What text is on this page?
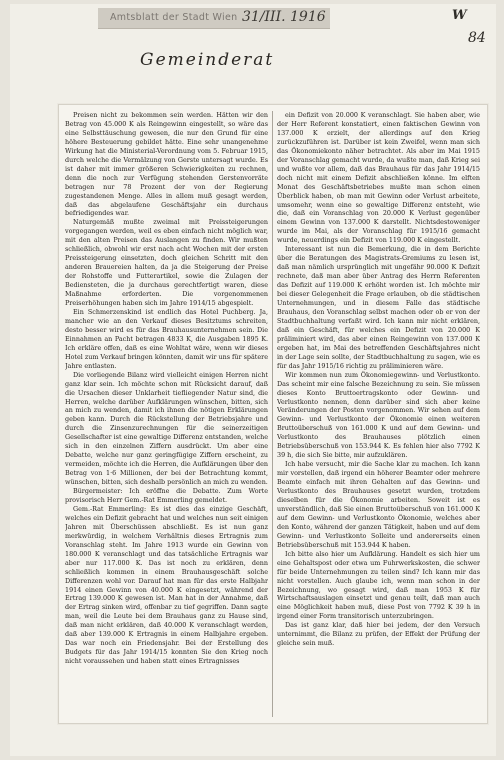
Amtsblatt der Stadt Wien 31/III. 1916	W
84
Gemeinderat

Preisen nicht zu bekommen sein werden. Hätten wir den Betrag von 45.000 K als Reingewinn eingestellt, so wäre das eine Selbsttäuschung gewesen, die nur den Grund für eine höhere Besteuerung gebildet hätte. Eine sehr unangenehme Wirkung hat die Ministerial-Verordnung vom 5. Februar 1915, durch welche die Vermälzung von Gerste untersagt wurde. Es ist daher mit immer größeren Schwierigkeiten zu rechnen, denn die noch zur Verfügung stehenden Gerstenvorräte betragen nur 78 Prozent der von der Regierung zugestandenen Menge. Alles in allem muß gesagt werden, daß das abgelaufene Geschäftsjahr ein durchaus befriedigendes war.

Naturgemäß mußte zweimal mit Preissteigerungen vorgegangen werden, weil es eben einfach nicht möglich war, mit den alten Preisen das Auslangen zu finden. Wir mußten schließlich, obwohl wir erst nach acht Wochen mit der ersten Preissteigerung einsetzten, doch gleichen Schritt mit den anderen Brauereien halten, da ja die Steigerung der Preise der Rohstoffe und Futterartikel, sowie die Zulagen der Bediensteten, die ja durchaus gerechtfertigt waren, diese Maßnahme erforderten. Die vorgenommenen Preiserhöhungen haben sich im Jahre 1914/15 abgespielt.

Ein Schmerzenskind ist endlich das Hotel Puchberg. Ja, mancher wie an den Verkauf dieses Besitztums schreiten, desto besser wird es für das Brauhausunternehmen sein. Die Einnahmen an Pacht betragen 4833 K, die Ausgaben 1895 K. Ich erkläre offen, daß es eine Wohltat wäre, wenn wir dieses Hotel zum Verkauf bringen könnten, damit wir uns für spätere Jahre entlasten.

Die vorliegende Bilanz wird vielleicht einigen Herren nicht ganz klar sein. Ich möchte schon mit Rücksicht darauf, daß die Ursachen dieser Unklarheit tiefliegender Natur sind, die Herren, welche darüber Aufklärungen wünschen, bitten, sich an mich zu wenden, damit ich ihnen die nötigen Erklärungen geben kann. Durch die Rückstellung der Betriebsjahre und durch die Zinsenzurechnungen für die seinerzeitigen Gesellschafter ist eine gewaltige Differenz entstanden, welche sich in den einzelnen Ziffern ausdrückt. Um aber eine Debatte, welche nur ganz geringfügige Ziffern erscheint, zu vermeiden, möchte ich die Herren, die Aufklärungen über den Betrag von 1·6 Millionen, der bei der Betrachtung kommt, wünschen, bitten, sich deshalb persönlich an mich zu wenden.

Bürgermeister: Ich eröffne die Debatte. Zum Worte provisorisch Herr Gem.-Rat Emmerling gemeldet.

Gem.-Rat Emmerling: Es ist dies das einzige Geschäft, welches ein Defizit gebracht hat und welches nun seit einigen Jahren mit Überschüssen abschließt. Es ist nun ganz merkwürdig, in welchem Verhältnis dieses Ertragnis zum Voranschlag steht. Im Jahre 1913 wurde ein Gewinn von 180.000 K veranschlagt und das tatsächliche Ertragnis war aber nur 117.000 K. Das ist noch zu erklären, denn schließlich kommen in einem Brauhausgeschäft solche Differenzen wohl vor. Darauf hat man für das erste Halbjahr 1914 einen Gewinn von 40.000 K eingesetzt, während der Ertrag 139.000 K gewesen ist. Man hat in der Annahme, daß der Ertrag sinken wird, offenbar zu tief gegriffen. Dann sagte man, weil die Leute bei dem Brauhaus ganz zu Hause sind, daß man nicht erklären, daß 40.000 K veranschlagt werden, daß aber 139.000 K Ertragnis in einem Halbjahre ergeben. Das war noch ein Friedensjahr. Bei der Erstellung des Budgets für das Jahr 1914/15 konnten Sie den Krieg noch nicht voraussehen und haben statt eines Ertragnisses

ein Defizit von 20.000 K veranschlagt. Sie haben aber, wie der Herr Referent konstatiert, einen faktischen Gewinn von 137.000 K erzielt, der allerdings auf den Krieg zurückzuführen ist. Darüber ist kein Zweifel, wenn man sich das Ökonomiekonto näher betrachtet. Als aber im Mai 1915 der Voranschlag gemacht wurde, da wußte man, daß Krieg sei und wußte vor allem, daß das Brauhaus für das Jahr 1914/15 doch nicht mit einem Defizit abschließen könne. Im elften Monat des Geschäftsbetriebes mußte man schon einen Überblick haben, ob man mit Gewinn oder Verlust arbeitete, umsomehr, wenn eine so gewaltige Differenz entsteht, wie die, daß ein Voranschlag von 20.000 K Verlust gegenüber einem Gewinn von 137.000 K darstellt. Nichtsdestoweniger wurde im Mai, als der Voranschlag für 1915/16 gemacht wurde, neuerdings ein Defizit von 119.000 K eingestellt.

Interessant ist nun die Bemerkung, die in dem Berichte über die Beratungen des Magistrats-Gremiums zu lesen ist, daß man nämlich ursprünglich mit ungefähr 90.000 K Defizit rechnete, daß man aber über Antrag des Herrn Referenten das Defizit auf 119.000 K erhöht worden ist. Ich möchte mir bei dieser Gelegenheit die Frage erlauben, ob die städtischen Unternehmungen, und in diesem Falle das städtische Brauhaus, den Voranschlag selbst machen oder ob er von der Stadtbuchhaltung verfaßt wird. Ich kann mir nicht erklären, daß ein Geschäft, für welches ein Defizit von 20.000 K präliminiert wird, das aber einen Reingewinn von 137.000 K ergeben hat, im Mai des betreffenden Geschäftsjahres nicht in der Lage sein sollte, der Stadtbuchhaltung zu sagen, wie es für das Jahr 1915/16 richtig zu präliminieren wäre.

Wir kommen nun zum Ökonomiegewinn- und Verlustkonto. Das scheint mir eine falsche Bezeichnung zu sein. Sie müssen dieses Konto Bruttoertragskonto oder Gewinn- und Verlustkonto nennen, denn darüber sind sich aber keine Veränderungen der Posten vorgenommen. Wir sehen auf dem Gewinn- und Verlustkonto der Ökonomie einen weiteren Bruttoüberschuß von 161.000 K und auf dem Gewinn- und Verlustkonto des Brauhauses plötzlich einen Betriebsüberschuß von 153.944 K. Es fehlen hier also 7792 K 39 h, die sich Sie bitte, mir aufzuklären.

Ich habe versucht, mir die Sache klar zu machen. Ich kann mir vorstellen, daß irgend ein höherer Beamter oder mehrere Beamte einfach mit ihren Gehalten auf das Gewinn- und Verlustkonto des Brauhauses gesetzt wurden, trotzdem dieselben für die Ökonomie arbeiten. Soweit ist es unverständlich, daß Sie einen Bruttoüberschuß von 161.000 K auf dem Gewinn- und Verlustkonto Ökonomie, welches aber den Konto, während der ganzen Tätigkeit, haben und auf dem Gewinn- und Verlustkonto Solleite und andererseits einen Betriebsüberschuß mit 153.944 K haben.

Ich bitte also hier um Aufklärung. Handelt es sich hier um eine Gehaltspost oder etwa um Fuhrwerkskosten, die schwer für beide Unternehmungen zu teilen sind? Ich kann mir das nicht vorstellen. Auch glaube ich, wenn man schon in der Bezeichnung, wo gesagt wird, daß man 1953 K für Wirtschaftsauslagen einsetzt und genau teilt, daß man auch eine Möglichkeit haben muß, diese Post von 7792 K 39 h in irgend einer Form transitorisch unterzubringen.

Das ist ganz klar, daß hier bei jedem, der den Versuch unternimmt, die Bilanz zu prüfen, der Effekt der Prüfung der gleiche sein muß.
